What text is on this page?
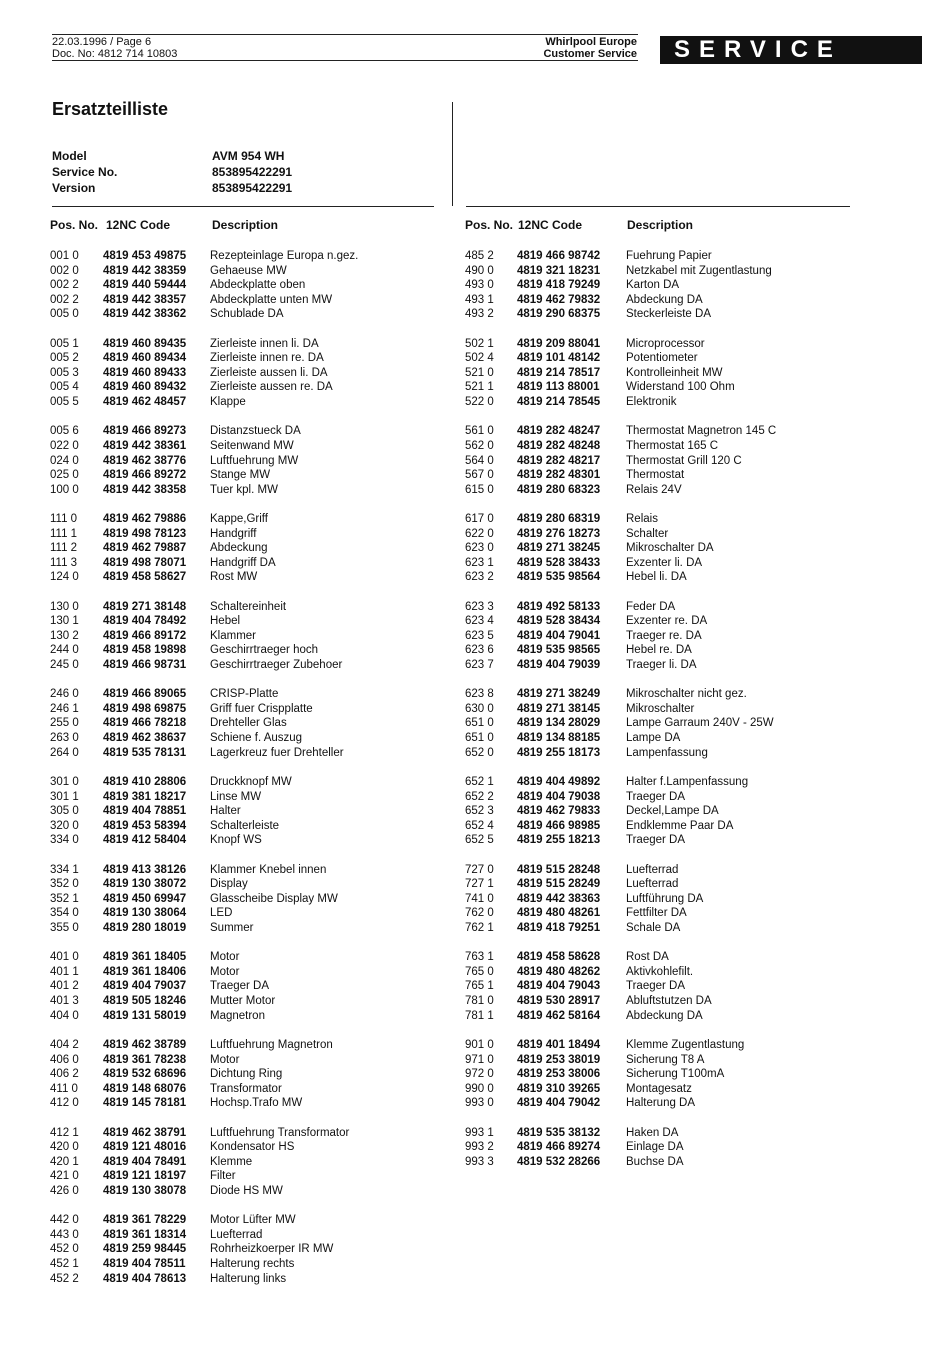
22.03.1996 / Page 6
Doc. No: 4812 714 10803
Whirlpool Europe
Customer Service	SERVICE
Ersatzteilliste
Model	AVM 954 WH
Service No.	853895422291
Version	853895422291
Pos. No. 12NC Code	Description	Pos. No. 12NC Code	Description
001 0 4819 453 49875 Rezepteinlage Europa n.gez.
002 0 4819 442 38359 Gehaeuse MW
002 2 4819 440 59444 Abdeckplatte oben
002 2 4819 442 38357 Abdeckplatte unten MW
005 0 4819 442 38362 Schublade DA
005 1 4819 460 89435 Zierleiste innen li. DA
005 2 4819 460 89434 Zierleiste innen re. DA
005 3 4819 460 89433 Zierleiste aussen li. DA
005 4 4819 460 89432 Zierleiste aussen re. DA
005 5 4819 462 48457 Klappe
005 6 4819 466 89273 Distanzstueck DA
022 0 4819 442 38361 Seitenwand MW
024 0 4819 462 38776 Luftfuehrung MW
025 0 4819 466 89272 Stange MW
100 0 4819 442 38358 Tuer kpl. MW
111 0 4819 462 79886 Kappe,Griff
111 1 4819 498 78123 Handgriff
111 2 4819 462 79887 Abdeckung
111 3 4819 498 78071 Handgriff DA
124 0 4819 458 58627 Rost MW
130 0 4819 271 38148 Schaltereinheit
130 1 4819 404 78492 Hebel
130 2 4819 466 89172 Klammer
244 0 4819 458 19898 Geschirrtraeger hoch
245 0 4819 466 98731 Geschirrtraeger Zubehoer
246 0 4819 466 89065 CRISP-Platte
246 1 4819 498 69875 Griff fuer Crispplatte
255 0 4819 466 78218 Drehteller Glas
263 0 4819 462 38637 Schiene f. Auszug
264 0 4819 535 78131 Lagerkreuz fuer Drehteller
301 0 4819 410 28806 Druckknopf MW
301 1 4819 381 18217 Linse MW
305 0 4819 404 78851 Halter
320 0 4819 453 58394 Schalterleiste
334 0 4819 412 58404 Knopf WS
334 1 4819 413 38126 Klammer Knebel innen
352 0 4819 130 38072 Display
352 1 4819 450 69947 Glasscheibe Display MW
354 0 4819 130 38064 LED
355 0 4819 280 18019 Summer
401 0 4819 361 18405 Motor
401 1 4819 361 18406 Motor
401 2 4819 404 79037 Traeger DA
401 3 4819 505 18246 Mutter Motor
404 0 4819 131 58019 Magnetron
404 2 4819 462 38789 Luftfuehrung Magnetron
406 0 4819 361 78238 Motor
406 2 4819 532 68696 Dichtung Ring
411 0 4819 148 68076 Transformator
412 0 4819 145 78181 Hochsp.Trafo MW
412 1 4819 462 38791 Luftfuehrung Transformator
420 0 4819 121 48016 Kondensator HS
420 1 4819 404 78491 Klemme
421 0 4819 121 18197 Filter
426 0 4819 130 38078 Diode HS MW
442 0 4819 361 78229 Motor Lüfter MW
443 0 4819 361 18314 Luefterrad
452 0 4819 259 98445 Rohrheizkoerper IR MW
452 1 4819 404 78511 Halterung rechts
452 2 4819 404 78613 Halterung links
485 2 4819 466 98742 Fuehrung Papier
490 0 4819 321 18231 Netzkabel mit Zugentlastung
493 0 4819 418 79249 Karton DA
493 1 4819 462 79832 Abdeckung DA
493 2 4819 290 68375 Steckerleiste DA
502 1 4819 209 88041 Microprocessor
502 4 4819 101 48142 Potentiometer
521 0 4819 214 78517 Kontrolleinheit MW
521 1 4819 113 88001 Widerstand 100 Ohm
522 0 4819 214 78545 Elektronik
561 0 4819 282 48247 Thermostat Magnetron 145 C
562 0 4819 282 48248 Thermostat 165 C
564 0 4819 282 48217 Thermostat Grill 120 C
567 0 4819 282 48301 Thermostat
615 0 4819 280 68323 Relais 24V
617 0 4819 280 68319 Relais
622 0 4819 276 18273 Schalter
623 0 4819 271 38245 Mikroschalter DA
623 1 4819 528 38433 Exzenter li. DA
623 2 4819 535 98564 Hebel li. DA
623 3 4819 492 58133 Feder DA
623 4 4819 528 38434 Exzenter re. DA
623 5 4819 404 79041 Traeger re. DA
623 6 4819 535 98565 Hebel re. DA
623 7 4819 404 79039 Traeger li. DA
623 8 4819 271 38249 Mikroschalter nicht gez.
630 0 4819 271 38145 Mikroschalter
651 0 4819 134 28029 Lampe Garraum 240V - 25W
651 0 4819 134 88185 Lampe DA
652 0 4819 255 18173 Lampenfassung
652 1 4819 404 49892 Halter f.Lampenfassung
652 2 4819 404 79038 Traeger DA
652 3 4819 462 79833 Deckel,Lampe DA
652 4 4819 466 98985 Endklemme Paar DA
652 5 4819 255 18213 Traeger DA
727 0 4819 515 28248 Luefterrad
727 1 4819 515 28249 Luefterrad
741 0 4819 442 38363 Luftführung DA
762 0 4819 480 48261 Fettfilter DA
762 1 4819 418 79251 Schale DA
763 1 4819 458 58628 Rost DA
765 0 4819 480 48262 Aktivkohlefilt.
765 1 4819 404 79043 Traeger DA
781 0 4819 530 28917 Abluftstutzen DA
781 1 4819 462 58164 Abdeckung DA
901 0 4819 401 18494 Klemme Zugentlastung
971 0 4819 253 38019 Sicherung T8 A
972 0 4819 253 38006 Sicherung T100mA
990 0 4819 310 39265 Montagesatz
993 0 4819 404 79042 Halterung DA
993 1 4819 535 38132 Haken DA
993 2 4819 466 89274 Einlage DA
993 3 4819 532 28266 Buchse DA
